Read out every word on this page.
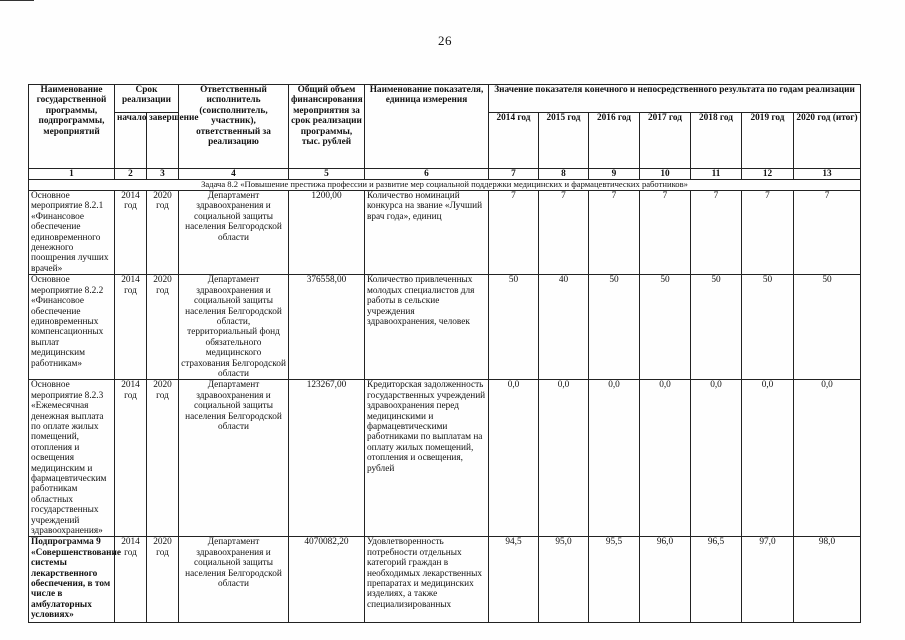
26
Наименование государственной программы, подпрограммы, мероприятий	Срок реализации		Ответственный исполнитель (соисполнитель, участник), ответственный за реализацию	Общий объем финансирования мероприятия за срок реализации программы, тыс. рублей	Наименование показателя, единица измерения	Значение показателя конечного и непосредственного результата по годам реализации						
	начало	завершение				2014 год	2015 год	2016 год	2017 год	2018 год	2019 год	2020 год (итог)

1	2	3	4	5	6	7	8	9	10	11	12	13
Задача 8.2 «Повышение престижа профессии и развитие мер социальной поддержки медицинских и фармацевтических работников»												
Основное мероприятие 8.2.1 «Финансовое обеспечение единовременного денежного поощрения лучших врачей»	2014 год	2020 год	Департамент здравоохранения и социальной защиты населения Белгородской области	1200,00	Количество номинаций конкурса на звание «Лучший врач года», единиц	7	7	7	7	7	7	7
Основное мероприятие 8.2.2 «Финансовое обеспечение единовременных компенсационных выплат медицинским работникам»	2014 год	2020 год	Департамент здравоохранения и социальной защиты населения Белгородской области, территориальный фонд обязательного медицинского страхования Белгородской области	376558,00	Количество привлеченных молодых специалистов для работы в сельские учреждения здравоохранения, человек	50	40	50	50	50	50	50
Основное мероприятие 8.2.3 «Ежемесячная денежная выплата по оплате жилых помещений, отопления и освещения медицинским и фармацевтическим работникам областных государственных учреждений здравоохранения»	2014 год	2020 год	Департамент здравоохранения и социальной защиты населения Белгородской области	123267,00	Кредиторская задолженность государственных учреждений здравоохранения перед медицинскими и фармацевтическими работниками по выплатам на оплату жилых помещений, отопления и освещения, рублей	0,0	0,0	0,0	0,0	0,0	0,0	0,0
Подпрограмма 9 «Совершенствование системы лекарственного обеспечения, в том числе в амбулаторных условиях»	2014 год	2020 год	Департамент здравоохранения и социальной защиты населения Белгородской области	4070082,20	Удовлетворенность потребности отдельных категорий граждан в необходимых лекарственных препаратах и медицинских изделиях, а также специализированных	94,5	95,0	95,5	96,0	96,5	97,0	98,0
